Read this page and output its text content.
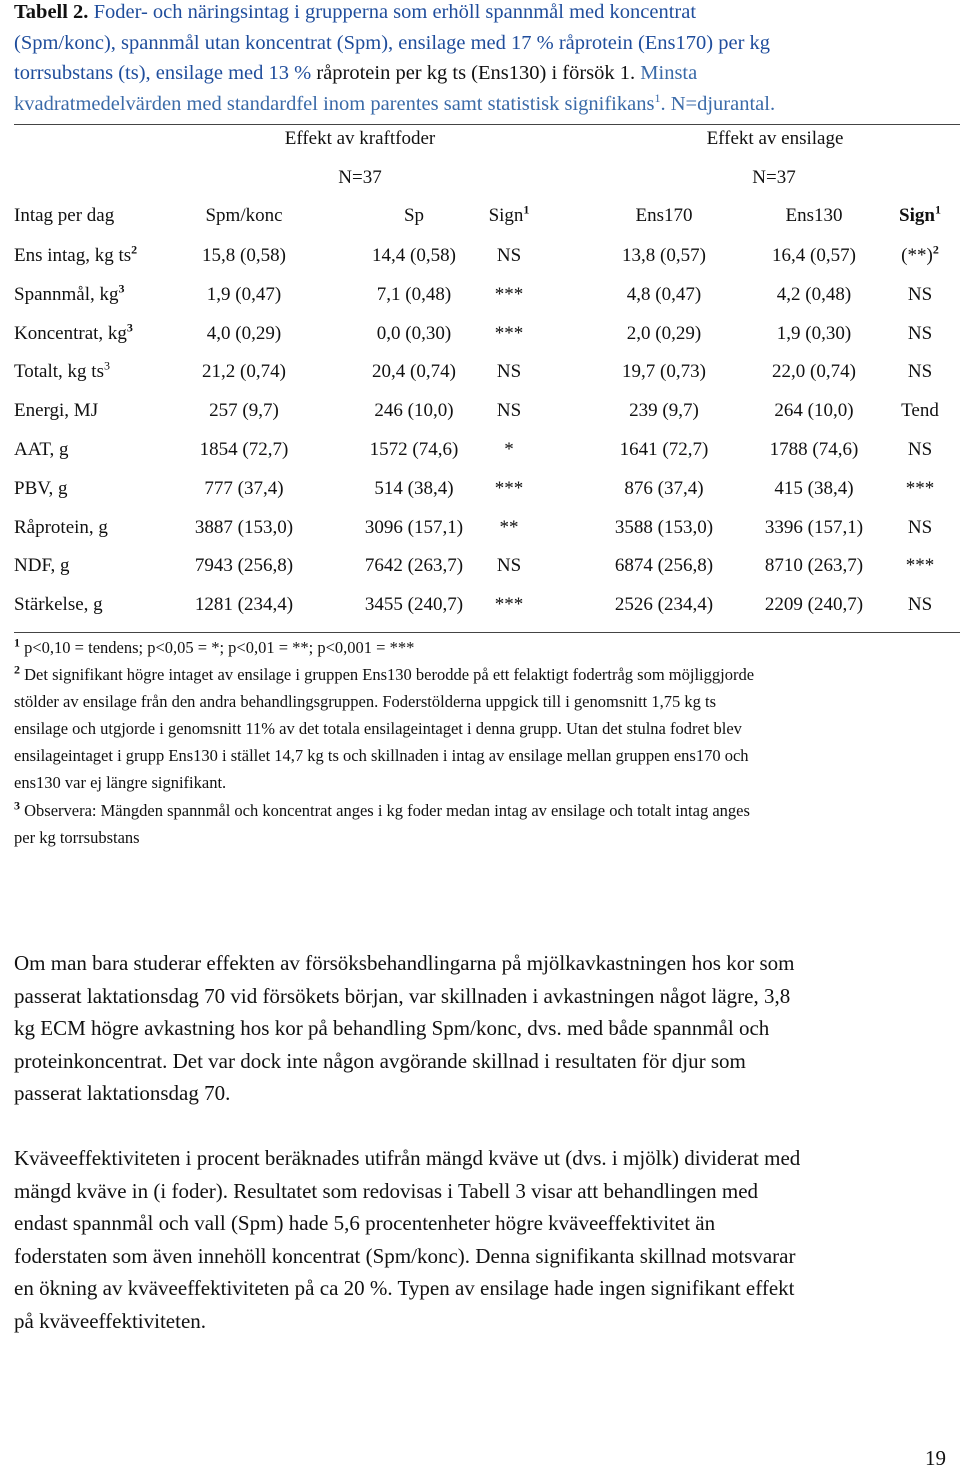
Tabell 2. Foder- och näringsintag i grupperna som erhöll spannmål med koncentrat
(Spm/konc), spannmål utan koncentrat (Spm), ensilage med 17 % råprotein (Ens170) per kg
torrsubstans (ts), ensilage med 13 % råprotein per kg ts (Ens130) i försök 1. Minsta
kvadratmedelvärden med standardfel inom parentes samt statistisk signifikans$^1$. N=djurantal.
Effekt av kraftfoder	Effekt av ensilage
N=37	N=37
Intag per dag	Spm/konc	Sp	Sign$^1$	Ens170	Ens130	Sign$^1$
Ens intag, kg $ts^2$	15,8 (0,58)	14,4 (0,58)	NS	13,8 (0,57)	16,4 (0,57)	$(**)^2$
Spannmål, $kg^3$	1,9 (0,47)	7,1 (0,48)	***	4,8 (0,47)	4,2 (0,48)	NS
Koncentrat, $kg^3$	4,0 (0,29)	0,0 (0,30)	***	2,0 (0,29)	1,9 (0,30)	NS
Totalt, kg $ts^3$	21,2 (0,74)	20,4 (0,74)	NS	19,7 (0,73)	22,0 (0,74)	NS
Energi, MJ	257 (9,7)	246 (10,0)	NS	239 (9,7)	264 (10,0)	Tend
AAT, g	1854 (72,7)	1572 (74,6)	*	1641 (72,7)	1788 (74,6)	NS
PBV, g	777 (37,4)	514 (38,4)	***	876 (37,4)	415 (38,4)	***
Råprotein, g	3887 (153,0)	3096 (157,1)	**	3588 (153,0)	3396 (157,1)	NS
NDF, g	7943 (256,8)	7642 (263,7)	NS	6874 (256,8)	8710 (263,7)	***
Stärkelse, g	1281 (234,4)	3455 (240,7)	***	2526 (234,4)	2209 (240,7)	NS
$^1$ p<0,10 = tendens; p<0,05 = *; p<0,01 = **; p<0,001 = ***
$^2$ Det signifikant högre intaget av ensilage i gruppen Ens130 berodde på ett felaktigt fodertråg som möjliggjorde
stölder av ensilage från den andra behandlingsgruppen. Foderstölderna uppgick till i genomsnitt 1,75 kg ts
ensilage och utgjorde i genomsnitt 11% av det totala ensilageintaget i denna grupp. Utan det stulna fodret blev
ensilageintaget i grupp Ens130 i stället 14,7 kg ts och skillnaden i intag av ensilage mellan gruppen ens170 och
ens130 var ej längre signifikant.
$^3$ Observera: Mängden spannmål och koncentrat anges i kg foder medan intag av ensilage och totalt intag anges
per kg torrsubstans
Om man bara studerar effekten av försöksbehandlingarna på mjölkavkastningen hos kor som
passerat laktationsdag 70 vid försökets början, var skillnaden i avkastningen något lägre, 3,8
kg ECM högre avkastning hos kor på behandling Spm/konc, dvs. med både spannmål och
proteinkoncentrat. Det var dock inte någon avgörande skillnad i resultaten för djur som
passerat laktationsdag 70.
Kväveeffektiviteten i procent beräknades utifrån mängd kväve ut (dvs. i mjölk) dividerat med
mängd kväve in (i foder). Resultatet som redovisas i Tabell 3 visar att behandlingen med
endast spannmål och vall (Spm) hade 5,6 procentenheter högre kväveeffektivitet än
foderstaten som även innehöll koncentrat (Spm/konc). Denna signifikanta skillnad motsvarar
en ökning av kväveeffektiviteten på ca 20 %. Typen av ensilage hade ingen signifikant effekt
på kväveeffektiviteten.
19
